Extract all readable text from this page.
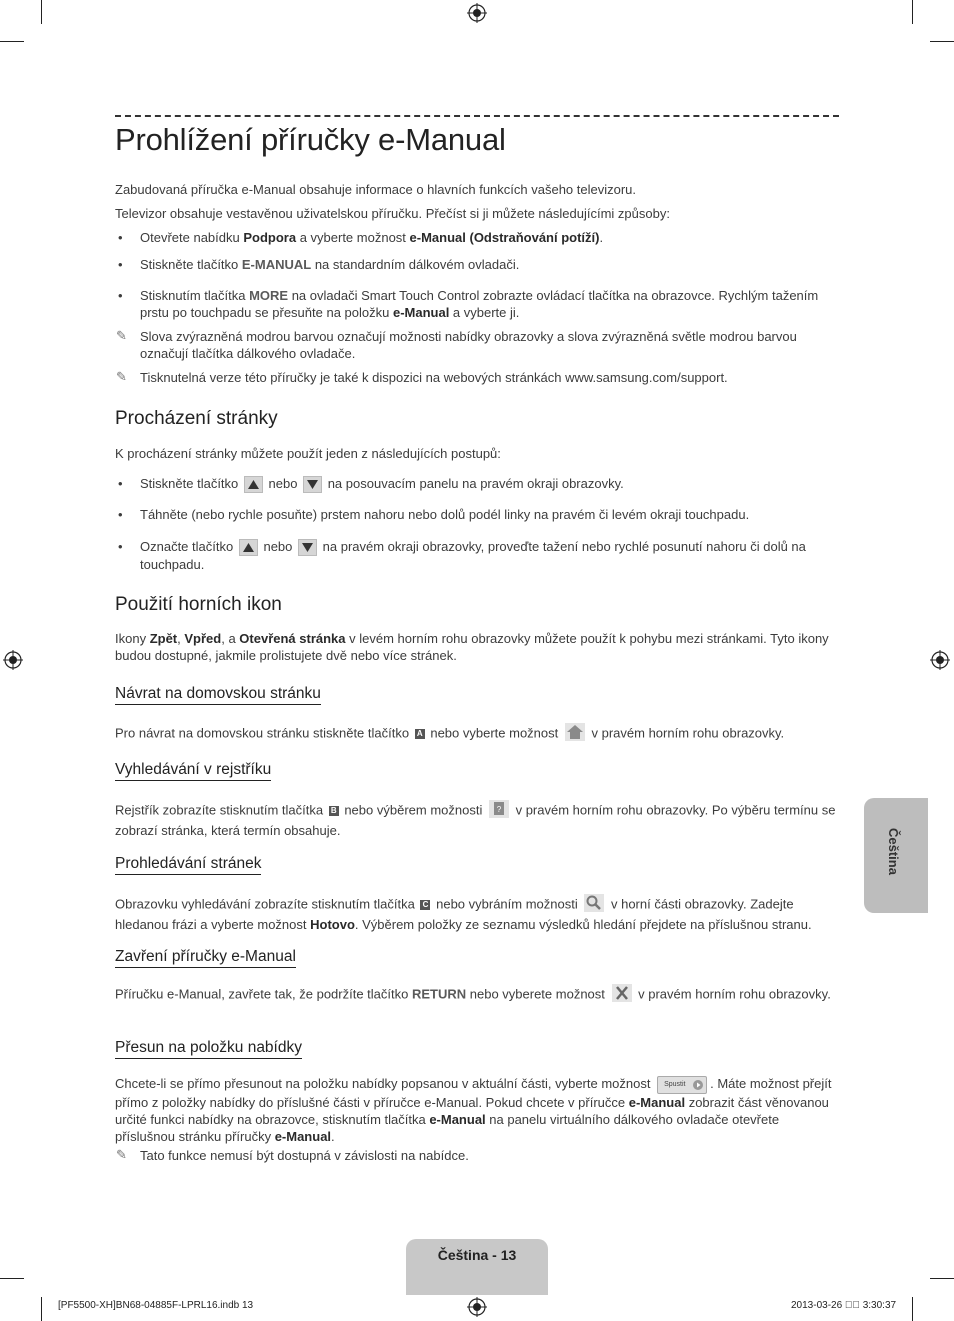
Prohlížení příručky e-Manual
Zabudovaná příručka e-Manual obsahuje informace o hlavních funkcích vašeho televizoru.
Televizor obsahuje vestavěnou uživatelskou příručku. Přečíst si ji můžete následujícími způsoby:
• Otevřete nabídku Podpora a vyberte možnost e-Manual (Odstraňování potíží).
• Stiskněte tlačítko E-MANUAL na standardním dálkovém ovladači.
• Stisknutím tlačítka MORE na ovladači Smart Touch Control zobrazte ovládací tlačítka na obrazovce. Rychlým tažením prstu po touchpadu se přesuňte na položku e-Manual a vyberte ji.
✎ Slova zvýrazněná modrou barvou označují možnosti nabídky obrazovky a slova zvýrazněná světle modrou barvou označují tlačítka dálkového ovladače.
✎ Tisknutelná verze této příručky je také k dispozici na webových stránkách www.samsung.com/support.
Procházení stránky
K procházení stránky můžete použít jeden z následujících postupů:
• Stiskněte tlačítko nebo na posouvacím panelu na pravém okraji obrazovky.
• Táhněte (nebo rychle posuňte) prstem nahoru nebo dolů podél linky na pravém či levém okraji touchpadu.
• Označte tlačítko nebo na pravém okraji obrazovky, proveďte tažení nebo rychlé posunutí nahoru či dolů na touchpadu.
Použití horních ikon
Ikony Zpět, Vpřed, a Otevřená stránka v levém horním rohu obrazovky můžete použít k pohybu mezi stránkami. Tyto ikony budou dostupné, jakmile prolistujete dvě nebo více stránek.
Návrat na domovskou stránku
Pro návrat na domovskou stránku stiskněte tlačítko A nebo vyberte možnost	v pravém horním rohu obrazovky.
Vyhledávání v rejstříku
Rejstřík zobrazíte stisknutím tlačítka B nebo výběrem možnosti ? v pravém horním rohu obrazovky. Po výběru termínu se zobrazí stránka, která termín obsahuje.
Prohledávání stránek
Obrazovku vyhledávání zobrazíte stisknutím tlačítka C nebo vybráním možnosti	v horní části obrazovky. Zadejte hledanou frázi a vyberte možnost Hotovo. Výběrem položky ze seznamu výsledků hledání přejdete na příslušnou stranu.
Zavření příručky e-Manual
Příručku e-Manual, zavřete tak, že podržíte tlačítko RETURN nebo vyberete možnost	v pravém horním rohu obrazovky.
Přesun na položku nabídky
Chcete-li se přímo přesunout na položku nabídky popsanou v aktuální části, vyberte možnost Spustit . Máte možnost přejít přímo z položky nabídky do příslušné části v příručce e-Manual. Pokud chcete v příručce e-Manual zobrazit část věnovanou určité funkci nabídky na obrazovce, stisknutím tlačítka e-Manual na panelu virtuálního dálkového ovladače otevřete příslušnou stránku příručky e-Manual.
✎ Tato funkce nemusí být dostupná v závislosti na nabídce.
Čeština
Čeština - 13
[PF5500-XH]BN68-04885F-LPRL16.indb 13	2013-03-26 ￿￿ 3:30:37
